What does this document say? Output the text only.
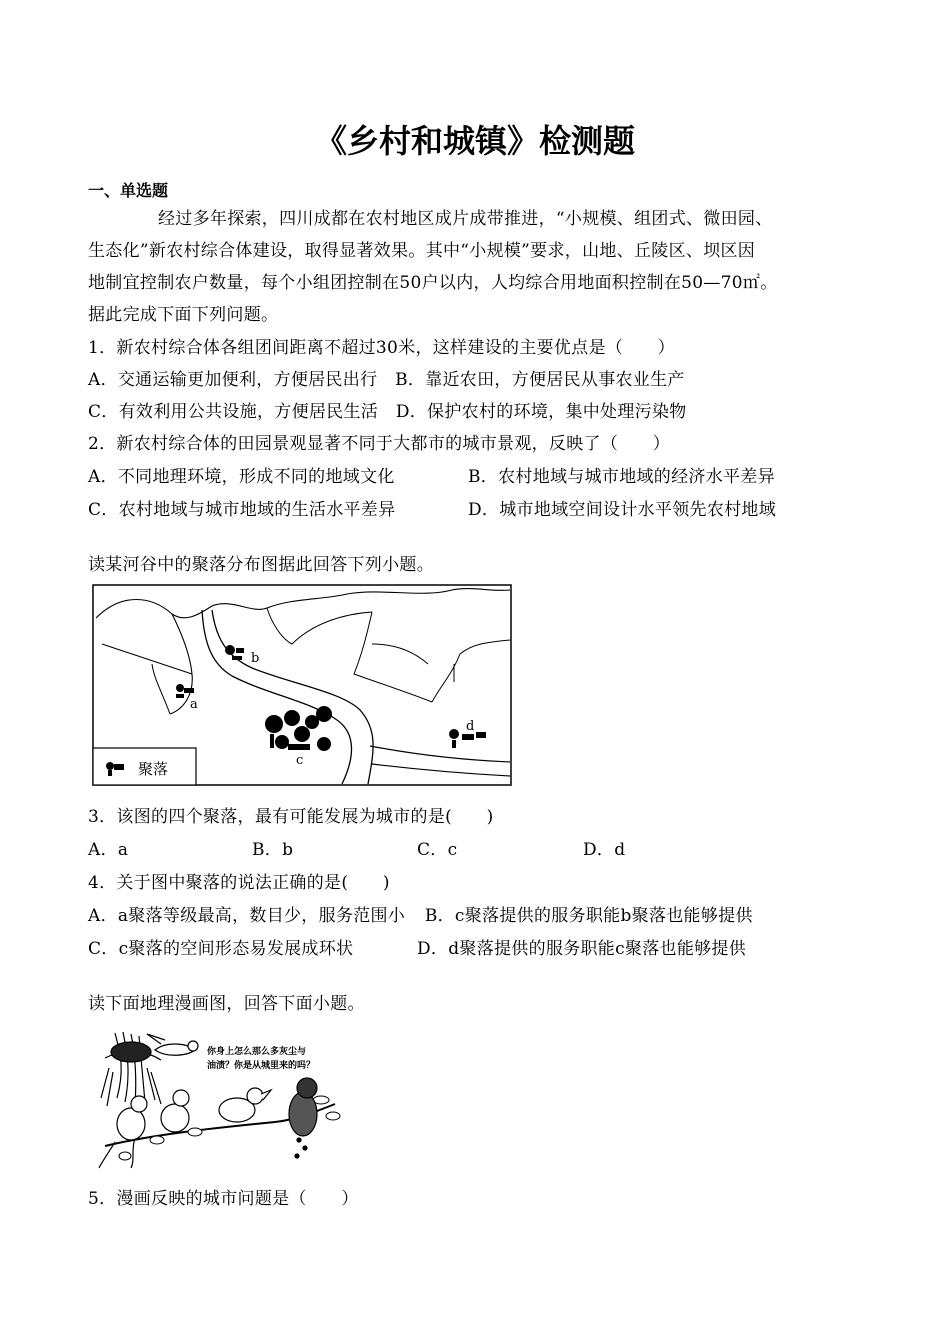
《乡村和城镇》检测题
一、单选题
经过多年探索，四川成都在农村地区成片成带推进，“小规模、组团式、微田园、
生态化”新农村综合体建设，取得显著效果。其中“小规模”要求，山地、丘陵区、坝区因
地制宜控制农户数量，每个小组团控制在50户以内，人均综合用地面积控制在50—70㎡。
据此完成下面下列问题。
1．新农村综合体各组团间距离不超过30米，这样建设的主要优点是（　　）
A．交通运输更加便利，方便居民出行 B．靠近农田，方便居民从事农业生产
C．有效利用公共设施，方便居民生活 D．保护农村的环境，集中处理污染物
2．新农村综合体的田园景观显著不同于大都市的城市景观，反映了（　　）
A．不同地理环境，形成不同的地域文化	B．农村地域与城市地域的经济水平差异
C．农村地域与城市地域的生活水平差异	D．城市地域空间设计水平领先农村地域
读某河谷中的聚落分布图据此回答下列小题。
b
a
c
d
聚落
3．该图的四个聚落，最有可能发展为城市的是(　　)
A．a	B．b	C．c	D．d
4．关于图中聚落的说法正确的是(　　)
A．a聚落等级最高，数目少，服务范围小 B．c聚落提供的服务职能b聚落也能够提供
C．c聚落的空间形态易发展成环状	D．d聚落提供的服务职能c聚落也能够提供
读下面地理漫画图，回答下面小题。
你身上怎么那么多灰尘与
油渍？你是从城里来的吗？
5．漫画反映的城市问题是（　　）
